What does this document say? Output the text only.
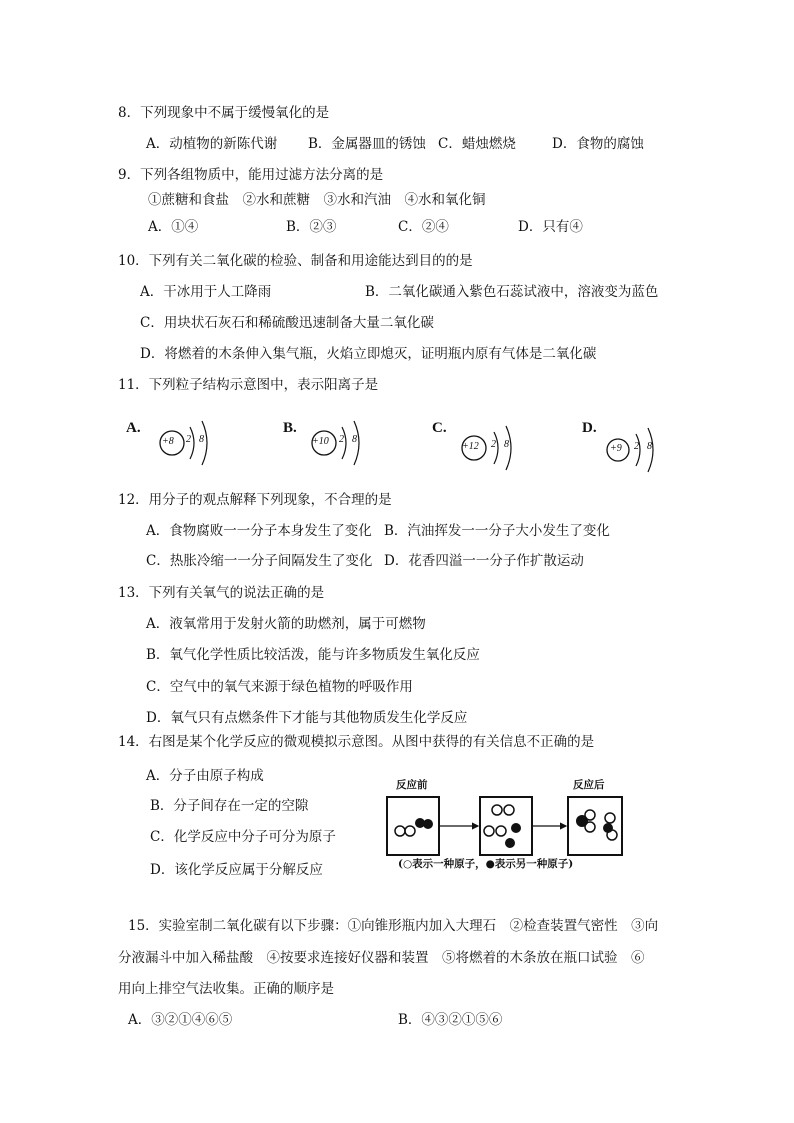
8．下列现象中不属于缓慢氧化的是
A．动植物的新陈代谢 B．金属器皿的锈蚀 C．蜡烛燃烧	D．食物的腐蚀
9．下列各组物质中，能用过滤方法分离的是
①蔗糖和食盐　②水和蔗糖　③水和汽油　④水和氧化铜
A．①④	B．②③	C．②④	D．只有④
10．下列有关二氧化碳的检验、制备和用途能达到目的的是
A．干冰用于人工降雨	B．二氧化碳通入紫色石蕊试液中，溶液变为蓝色
C．用块状石灰石和稀硫酸迅速制备大量二氧化碳
D．将燃着的木条伸入集气瓶，火焰立即熄灭，证明瓶内原有气体是二氧化碳
11．下列粒子结构示意图中，表示阳离子是
A.
+8 2 8
B.
+10 2 8
C.
+12 2 8
D.
+9 2 8
12．用分子的观点解释下列现象，不合理的是
A．食物腐败一一分子本身发生了变化 B．汽油挥发一一分子大小发生了变化
C．热胀冷缩一一分子间隔发生了变化 D．花香四溢一一分子作扩散运动
13．下列有关氧气的说法正确的是
A．液氧常用于发射火箭的助燃剂，属于可燃物
B．氧气化学性质比较活泼，能与许多物质发生氧化反应
C．空气中的氧气来源于绿色植物的呼吸作用
D．氧气只有点燃条件下才能与其他物质发生化学反应
14．右图是某个化学反应的微观模拟示意图。从图中获得的有关信息不正确的是
A．分子由原子构成
B．分子间存在一定的空隙
C．化学反应中分子可分为原子
D．该化学反应属于分解反应
反应前	反应后
(○表示一种原子，●表示另一种原子)
15．实验室制二氧化碳有以下步骤：①向锥形瓶内加入大理石　②检查装置气密性　③向
分液漏斗中加入稀盐酸　④按要求连接好仪器和装置　⑤将燃着的木条放在瓶口试验　⑥
用向上排空气法收集。正确的顺序是
A．③②①④⑥⑤	B．④③②①⑤⑥
